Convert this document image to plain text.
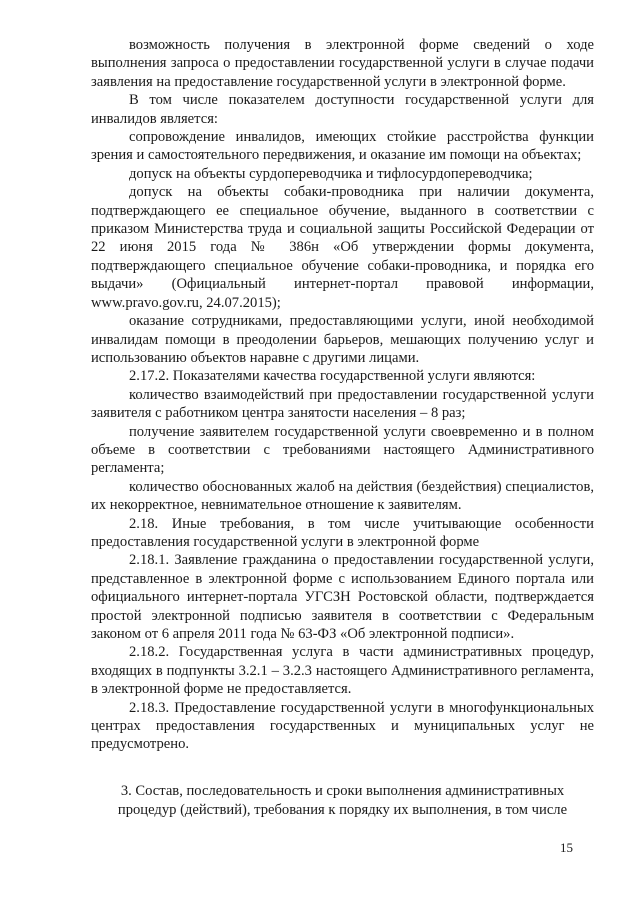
возможность получения в электронной форме сведений о ходе выполнения запроса о предоставлении государственной услуги в случае подачи заявления на предоставление государственной услуги в электронной форме.

В том числе показателем доступности государственной услуги для инвалидов является:

сопровождение инвалидов, имеющих стойкие расстройства функции зрения и самостоятельного передвижения, и оказание им помощи на объектах;

допуск на объекты сурдопереводчика и тифлосурдопереводчика;

допуск на объекты собаки-проводника при наличии документа, подтверждающего ее специальное обучение, выданного в соответствии с приказом Министерства труда и социальной защиты Российской Федерации от 22 июня 2015 года № 386н «Об утверждении формы документа, подтверждающего специальное обучение собаки-проводника, и порядка его выдачи» (Официальный интернет-портал правовой информации, www.pravo.gov.ru, 24.07.2015);

оказание сотрудниками, предоставляющими услуги, иной необходимой инвалидам помощи в преодолении барьеров, мешающих получению услуг и использованию объектов наравне с другими лицами.

2.17.2. Показателями качества государственной услуги являются:

количество взаимодействий при предоставлении государственной услуги заявителя с работником центра занятости населения – 8 раз;

получение заявителем государственной услуги своевременно и в полном объеме в соответствии с требованиями настоящего Административного регламента;

количество обоснованных жалоб на действия (бездействия) специалистов, их некорректное, невнимательное отношение к заявителям.

2.18. Иные требования, в том числе учитывающие особенности предоставления государственной услуги в электронной форме

2.18.1. Заявление гражданина о предоставлении государственной услуги, представленное в электронной форме с использованием Единого портала или официального интернет-портала УГСЗН Ростовской области, подтверждается простой электронной подписью заявителя в соответствии с Федеральным законом от 6 апреля 2011 года № 63-ФЗ «Об электронной подписи».

2.18.2. Государственная услуга в части административных процедур, входящих в подпункты 3.2.1 – 3.2.3 настоящего Административного регламента, в электронной форме не предоставляется.

2.18.3. Предоставление государственной услуги в многофункциональных центрах предоставления государственных и муниципальных услуг не предусмотрено.

3. Состав, последовательность и сроки выполнения административных
процедур (действий), требования к порядку их выполнения, в том числе
15
